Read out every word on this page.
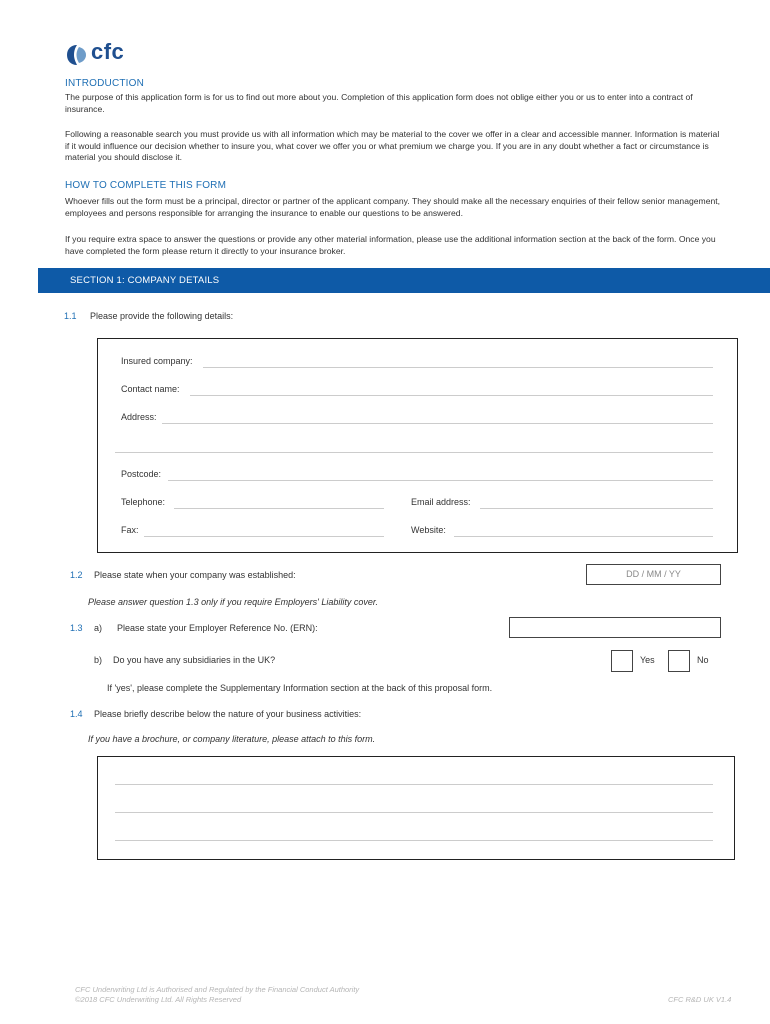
cfc
INTRODUCTION
The purpose of this application form is for us to find out more about you. Completion of this application form does not oblige either you or us to enter into a contract of insurance.
Following a reasonable search you must provide us with all information which may be material to the cover we offer in a clear and accessible manner. Information is material if it would influence our decision whether to insure you, what cover we offer you or what premium we charge you. If you are in any doubt whether a fact or circumstance is material you should disclose it.
HOW TO COMPLETE THIS FORM
Whoever fills out the form must be a principal, director or partner of the applicant company. They should make all the necessary enquiries of their fellow senior management, employees and persons responsible for arranging the insurance to enable our questions to be answered.
If you require extra space to answer the questions or provide any other material information, please use the additional information section at the back of the form. Once you have completed the form please return it directly to your insurance broker.
SECTION 1: COMPANY DETAILS
1.1 Please provide the following details:
Insured company:
Contact name:
Address:
Postcode:
Telephone:	Email address:
Fax:	Website:
1.2 Please state when your company was established:	DD / MM / YY
Please answer question 1.3 only if you require Employers' Liability cover.
1.3 a) Please state your Employer Reference No. (ERN):
b) Do you have any subsidiaries in the UK?	Yes	No
If 'yes', please complete the Supplementary Information section at the back of this proposal form.
1.4 Please briefly describe below the nature of your business activities:
If you have a brochure, or company literature, please attach to this form.
CFC Underwriting Ltd is Authorised and Regulated by the Financial Conduct Authority
©2018 CFC Underwriting Ltd. All Rights Reserved	CFC R&D UK V1.4
